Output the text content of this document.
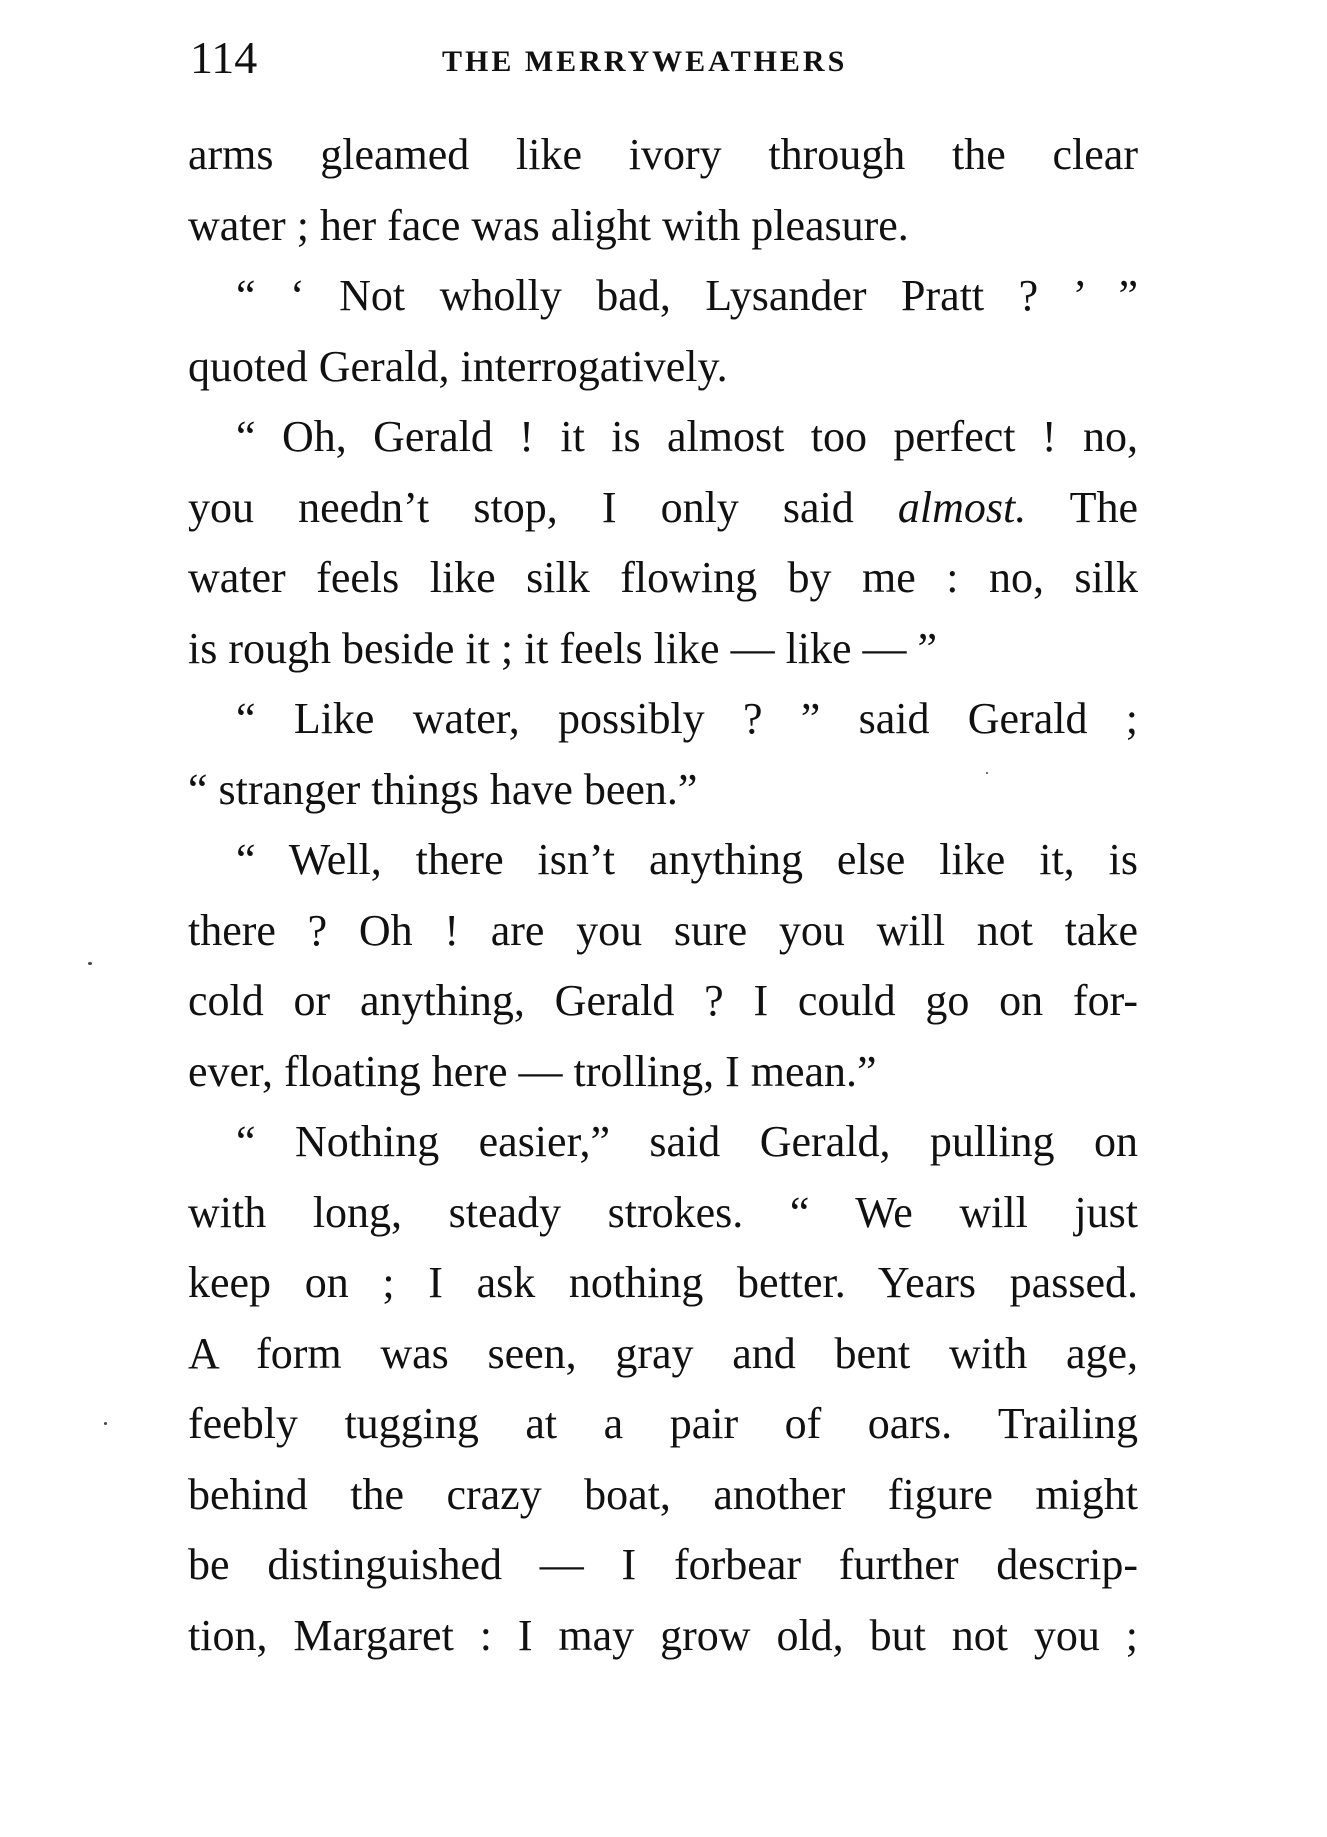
114	THE MERRYWEATHERS
arms gleamed like ivory through the clear
water ; her face was alight with pleasure.
“ ‘ Not wholly bad, Lysander Pratt ? ’ ”
quoted Gerald, interrogatively.
“ Oh, Gerald ! it is almost too perfect ! no,
you needn’t stop, I only said almost. The
water feels like silk flowing by me : no, silk
is rough beside it ; it feels like — like — ”
“ Like water, possibly ? ” said Gerald ;
“ stranger things have been.”
“ Well, there isn’t anything else like it, is
there ? Oh ! are you sure you will not take
cold or anything, Gerald ? I could go on for-
ever, floating here — trolling, I mean.”
“ Nothing easier,” said Gerald, pulling on
with long, steady strokes. “ We will just
keep on ; I ask nothing better. Years passed.
A form was seen, gray and bent with age,
feebly tugging at a pair of oars. Trailing
behind the crazy boat, another figure might
be distinguished — I forbear further descrip-
tion, Margaret : I may grow old, but not you ;
